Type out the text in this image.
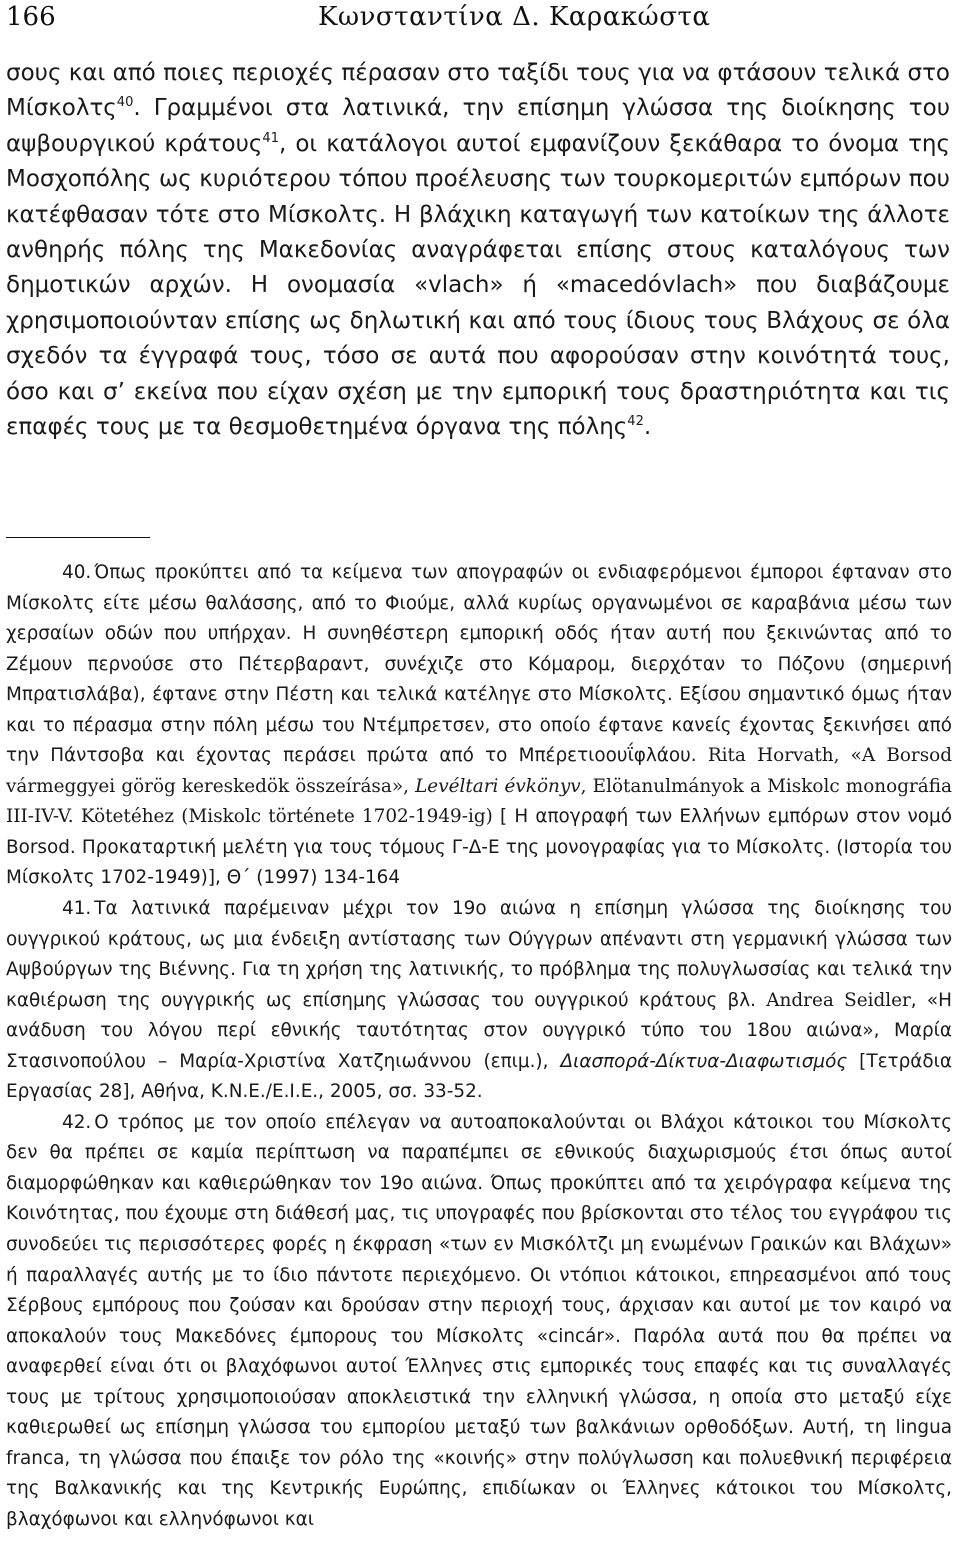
166	Κωνσταντίνα Δ. Καρακώστα

σους και από ποιες περιοχές πέρασαν στο ταξίδι τους για να φτάσουν τελικά στο Μίσκολτς$^{40}$. Γραμμένοι στα λατινικά, την επίσημη γλώσσα της διοίκησης του αψβουργικού κράτους$^{41}$, οι κατάλογοι αυτοί εμφανίζουν ξεκάθαρα το όνομα της Μοσχοπόλης ως κυριότερου τόπου προέλευσης των τουρκομεριτών εμπόρων που κατέφθασαν τότε στο Μίσκολτς. Η βλάχικη καταγωγή των κατοίκων της άλλοτε ανθηρής πόλης της Μακεδονίας αναγράφεται επίσης στους καταλόγους των δημοτικών αρχών. Η ονομασία «vlach» ή «macedóvlach» που διαβάζουμε χρησιμοποιούνταν επίσης ως δηλωτική και από τους ίδιους τους Βλάχους σε όλα σχεδόν τα έγγραφά τους, τόσο σε αυτά που αφορούσαν στην κοινότητά τους, όσο και σ’ εκείνα που είχαν σχέση με την εμπορική τους δραστηριότητα και τις επαφές τους με τα θεσμοθετημένα όργανα της πόλης$^{42}$.

40. Όπως προκύπτει από τα κείμενα των απογραφών οι ενδιαφερόμενοι έμποροι έφταναν στο Μίσκολτς είτε μέσω θαλάσσης, από το Φιούμε, αλλά κυρίως οργανωμένοι σε καραβάνια μέσω των χερσαίων οδών που υπήρχαν. Η συνηθέστερη εμπορική οδός ήταν αυτή που ξεκινώντας από το Ζέμουν περνούσε στο Πέτερβαραντ, συνέχιζε στο Κόμαρομ, διερχόταν το Πόζονυ (σημερινή Μπρατισλάβα), έφτανε στην Πέστη και τελικά κατέληγε στο Μίσκολτς. Εξίσου σημαντικό όμως ήταν και το πέρασμα στην πόλη μέσω του Ντέμπρετσεν, στο οποίο έφτανε κανείς έχοντας ξεκινήσει από την Πάντσοβα και έχοντας περάσει πρώτα από το Μπέρετιοουΐφλάου. Rita Horvath, «A Borsod vármeggyei görög kereskedök összeírása», Levéltari évkönyv, Elötanulmányok a Miskolc monográfia III-IV-V. Kötetéhez (Miskolc története 1702-1949-ig) [ Η απογραφή των Ελλήνων εμπόρων στον νομό Borsod. Προκαταρτική μελέτη για τους τόμους Γ-Δ-Ε της μονογραφίας για το Μίσκολτς. (Ιστορία του Μίσκολτς 1702-1949)], Θ΄ (1997) 134-164

41. Τα λατινικά παρέμειναν μέχρι τον 19ο αιώνα η επίσημη γλώσσα της διοίκησης του ουγγρικού κράτους, ως μια ένδειξη αντίστασης των Ούγγρων απέναντι στη γερμανική γλώσσα των Αψβούργων της Βιέννης. Για τη χρήση της λατινικής, το πρόβλημα της πολυγλωσσίας και τελικά την καθιέρωση της ουγγρικής ως επίσημης γλώσσας του ουγγρικού κράτους βλ. Andrea Seidler, «Η ανάδυση του λόγου περί εθνικής ταυτότητας στον ουγγρικό τύπο του 18ου αιώνα», Μαρία Στασινοπούλου – Μαρία-Χριστίνα Χατζηιωάννου (επιμ.), Διασπορά-Δίκτυα-Διαφωτισμός [Τετράδια Εργασίας 28], Αθήνα, Κ.Ν.Ε./Ε.Ι.Ε., 2005, σσ. 33-52.

42. Ο τρόπος με τον οποίο επέλεγαν να αυτοαποκαλούνται οι Βλάχοι κάτοικοι του Μίσκολτς δεν θα πρέπει σε καμία περίπτωση να παραπέμπει σε εθνικούς διαχωρισμούς έτσι όπως αυτοί διαμορφώθηκαν και καθιερώθηκαν τον 19ο αιώνα. Όπως προκύπτει από τα χειρόγραφα κείμενα της Κοινότητας, που έχουμε στη διάθεσή μας, τις υπογραφές που βρίσκονται στο τέλος του εγγράφου τις συνοδεύει τις περισσότερες φορές η έκφραση «των εν Μισκόλτζι μη ενωμένων Γραικών και Βλάχων» ή παραλλαγές αυτής με το ίδιο πάντοτε περιεχόμενο. Οι ντόπιοι κάτοικοι, επηρεασμένοι από τους Σέρβους εμπόρους που ζούσαν και δρούσαν στην περιοχή τους, άρχισαν και αυτοί με τον καιρό να αποκαλούν τους Μακεδόνες έμπορους του Μίσκολτς «cincár». Παρόλα αυτά που θα πρέπει να αναφερθεί είναι ότι οι βλαχόφωνοι αυτοί Έλληνες στις εμπορικές τους επαφές και τις συναλλαγές τους με τρίτους χρησιμοποιούσαν αποκλειστικά την ελληνική γλώσσα, η οποία στο μεταξύ είχε καθιερωθεί ως επίσημη γλώσσα του εμπορίου μεταξύ των βαλκάνιων ορθοδόξων. Αυτή, τη lingua franca, τη γλώσσα που έπαιξε τον ρόλο της «κοινής» στην πολύγλωσση και πολυεθνική περιφέρεια της Βαλκανικής και της Κεντρικής Ευρώπης, επιδίωκαν οι Έλληνες κάτοικοι του Μίσκολτς, βλαχόφωνοι και ελληνόφωνοι και
